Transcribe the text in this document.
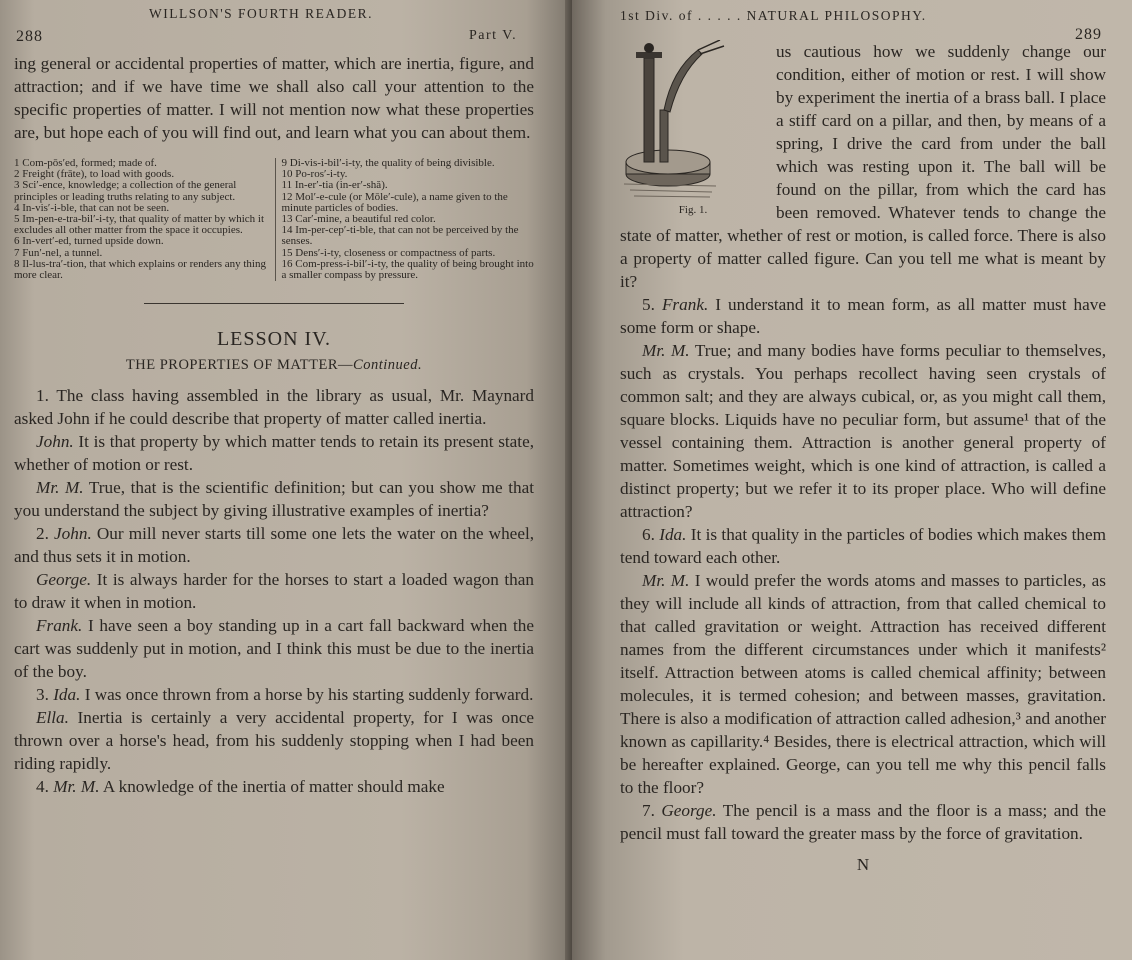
288
WILLSON'S FOURTH READER.
Part V.

ing general or accidental properties of matter, which are inertia, figure, and attraction; and if we have time we shall also call your attention to the specific properties of matter. I will not mention now what these properties are, but hope each of you will find out, and learn what you can about them.

1 Com-pōs′ed, formed; made of.
2 Freight (frāte), to load with goods.
3 Sci′-ence, knowledge; a collection of the general principles or leading truths relating to any subject.
4 In-vis′-i-ble, that can not be seen.
5 Im-pen-e-tra-bil′-i-ty, that quality of matter by which it excludes all other matter from the space it occupies.
6 In-vert′-ed, turned upside down.
7 Fun′-nel, a tunnel.
8 Il-lus-tra′-tion, that which explains or renders any thing more clear.
9 Di-vis-i-bil′-i-ty, the quality of being divisible.
10 Po-ros′-i-ty.
11 In-er′-tia (in-er′-shă).
12 Mol′-e-cule (or Mōle′-cule), a name given to the minute particles of bodies.
13 Car′-mine, a beautiful red color.
14 Im-per-cep′-ti-ble, that can not be perceived by the senses.
15 Dens′-i-ty, closeness or compactness of parts.
16 Com-press-i-bil′-i-ty, the quality of being brought into a smaller compass by pressure.
LESSON IV.
THE PROPERTIES OF MATTER—Continued.

1. The class having assembled in the library as usual, Mr. Maynard asked John if he could describe that property of matter called inertia.

John. It is that property by which matter tends to retain its present state, whether of motion or rest.

Mr. M. True, that is the scientific definition; but can you show me that you understand the subject by giving illustrative examples of inertia?

2. John. Our mill never starts till some one lets the water on the wheel, and thus sets it in motion.

George. It is always harder for the horses to start a loaded wagon than to draw it when in motion.

Frank. I have seen a boy standing up in a cart fall backward when the cart was suddenly put in motion, and I think this must be due to the inertia of the boy.

3. Ida. I was once thrown from a horse by his starting suddenly forward.

Ella. Inertia is certainly a very accidental property, for I was once thrown over a horse's head, from his suddenly stopping when I had been riding rapidly.

4. Mr. M. A knowledge of the inertia of matter should make

1st Div. of . . . . . NATURAL PHILOSOPHY.
289
Fig. 1.

us cautious how we suddenly change our condition, either of motion or rest. I will show by experiment the inertia of a brass ball. I place a stiff card on a pillar, and then, by means of a spring, I drive the card from under the ball which was resting upon it. The ball will be found on the pillar, from which the card has been removed. Whatever tends to change the state of matter, whether of rest or motion, is called force. There is also a property of matter called figure. Can you tell me what is meant by it?

5. Frank. I understand it to mean form, as all matter must have some form or shape.

Mr. M. True; and many bodies have forms peculiar to themselves, such as crystals. You perhaps recollect having seen crystals of common salt; and they are always cubical, or, as you might call them, square blocks. Liquids have no peculiar form, but assume¹ that of the vessel containing them. Attraction is another general property of matter. Sometimes weight, which is one kind of attraction, is called a distinct property; but we refer it to its proper place. Who will define attraction?

6. Ida. It is that quality in the particles of bodies which makes them tend toward each other.

Mr. M. I would prefer the words atoms and masses to particles, as they will include all kinds of attraction, from that called chemical to that called gravitation or weight. Attraction has received different names from the different circumstances under which it manifests² itself. Attraction between atoms is called chemical affinity; between molecules, it is termed cohesion; and between masses, gravitation. There is also a modification of attraction called adhesion,³ and another known as capillarity.⁴ Besides, there is electrical attraction, which will be hereafter explained. George, can you tell me why this pencil falls to the floor?

7. George. The pencil is a mass and the floor is a mass; and the pencil must fall toward the greater mass by the force of gravitation.

N
